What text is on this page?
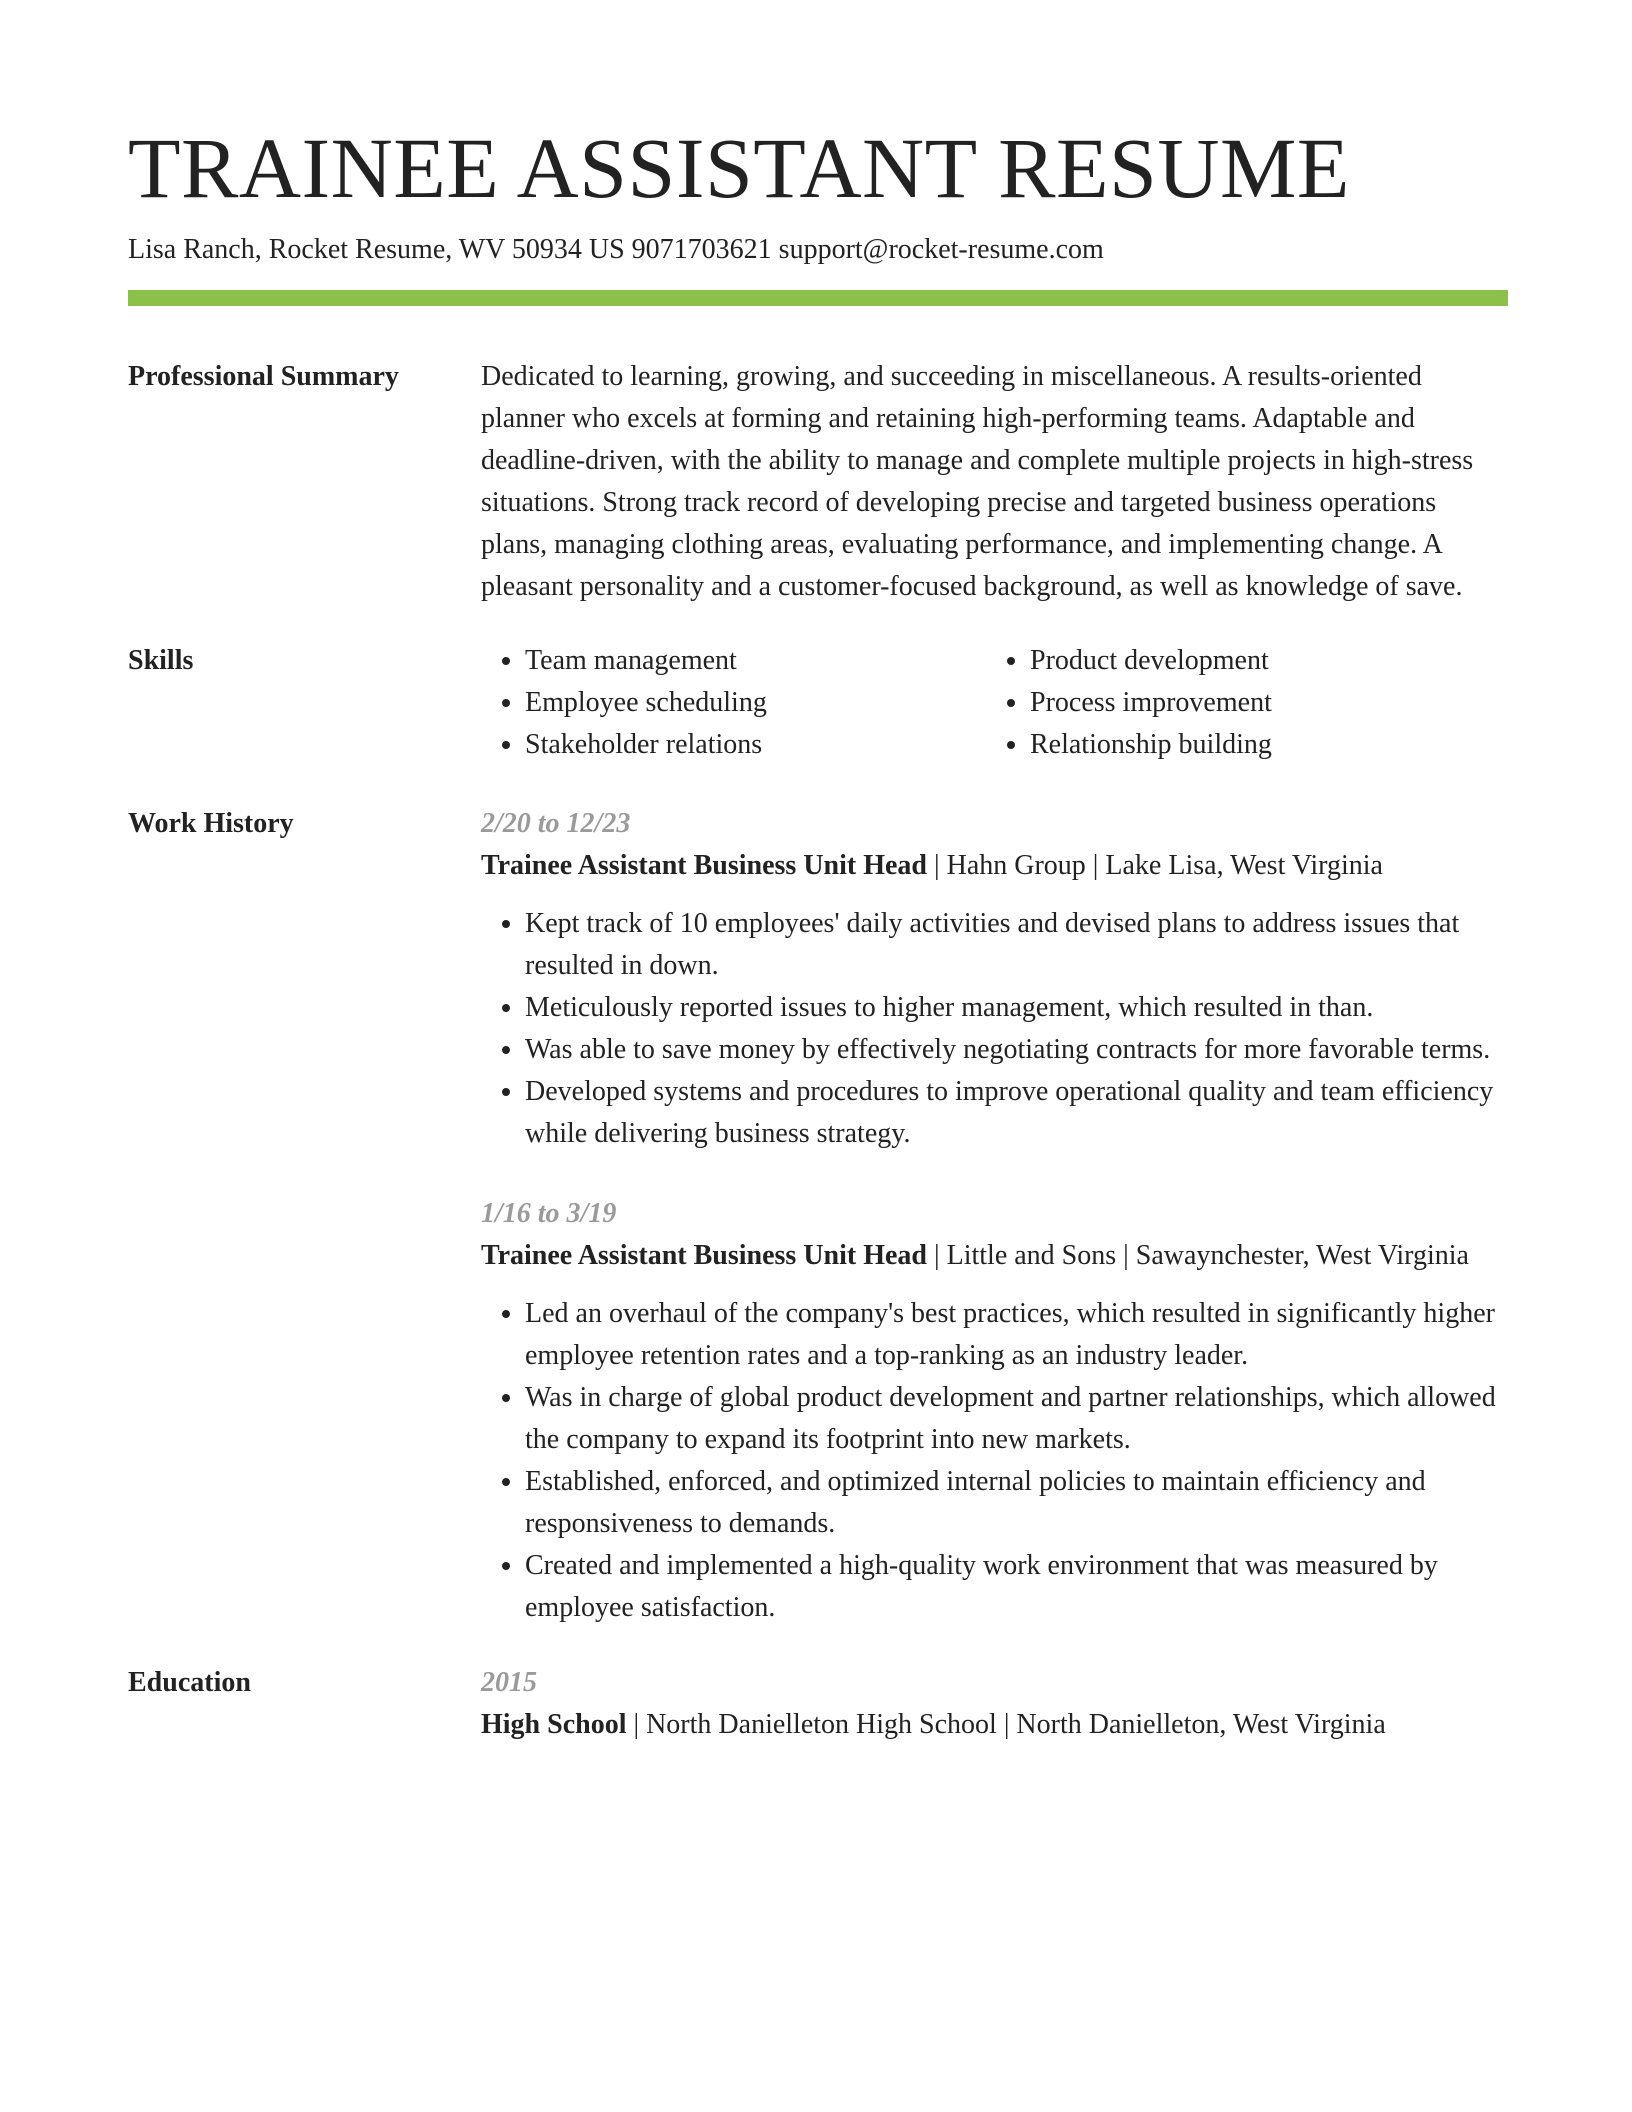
TRAINEE ASSISTANT RESUME
Lisa Ranch, Rocket Resume, WV 50934 US 9071703621 support@rocket-resume.com
Professional Summary	Dedicated to learning, growing, and succeeding in miscellaneous. A results-oriented planner who excels at forming and retaining high-performing teams. Adaptable and deadline-driven, with the ability to manage and complete multiple projects in high-stress situations. Strong track record of developing precise and targeted business operations plans, managing clothing areas, evaluating performance, and implementing change. A pleasant personality and a customer-focused background, as well as knowledge of save.
Skills
•	Team management
• Employee scheduling
• Stakeholder relations
• Product development
• Process improvement
• Relationship building
Work History	2/20 to 12/23
Trainee Assistant Business Unit Head | Hahn Group | Lake Lisa, West Virginia
• Kept track of 10 employees' daily activities and devised plans to address issues that resulted in down.
• Meticulously reported issues to higher management, which resulted in than.
• Was able to save money by effectively negotiating contracts for more favorable terms.
• Developed systems and procedures to improve operational quality and team efficiency while delivering business strategy.
1/16 to 3/19
Trainee Assistant Business Unit Head | Little and Sons | Sawaynchester, West Virginia
• Led an overhaul of the company's best practices, which resulted in significantly higher employee retention rates and a top-ranking as an industry leader.
• Was in charge of global product development and partner relationships, which allowed the company to expand its footprint into new markets.
• Established, enforced, and optimized internal policies to maintain efficiency and responsiveness to demands.
• Created and implemented a high-quality work environment that was measured by employee satisfaction.
Education	2015
High School | North Danielleton High School | North Danielleton, West Virginia
